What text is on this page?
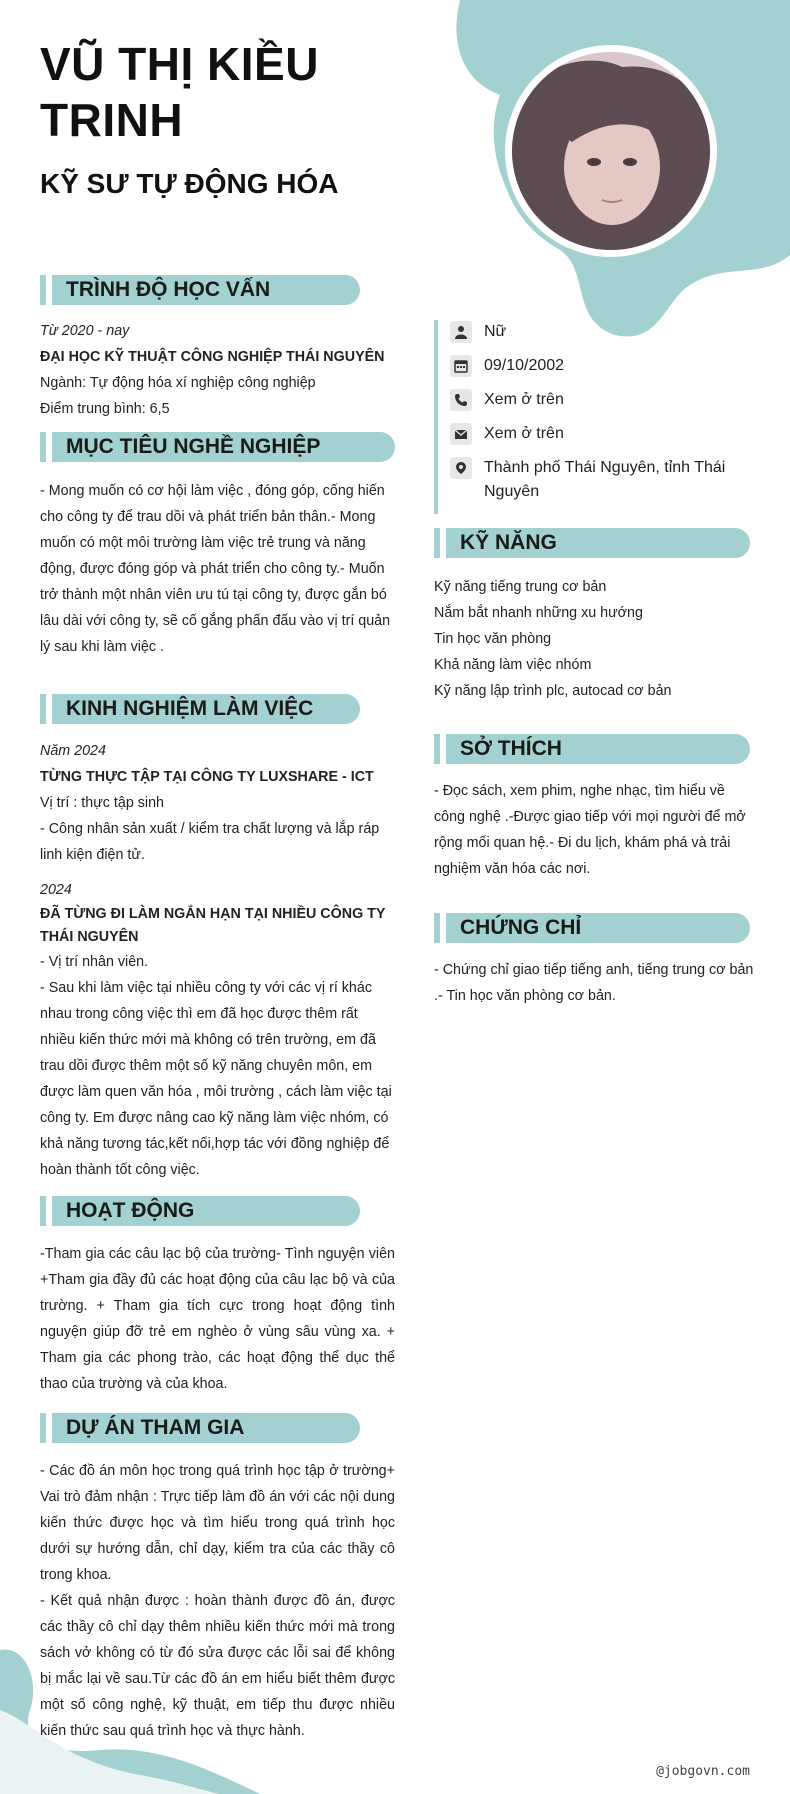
VŨ THỊ KIỀU TRINH
KỸ SƯ TỰ ĐỘNG HÓA
TRÌNH ĐỘ HỌC VẤN
Từ 2020 - nay
ĐẠI HỌC KỸ THUẬT CÔNG NGHIỆP THÁI NGUYÊN
Ngành: Tự động hóa xí nghiệp công nghiệp
Điểm trung bình: 6,5
MỤC TIÊU NGHỀ NGHIỆP
- Mong muốn có cơ hội làm việc , đóng góp, cống hiến cho công ty để trau dồi và phát triển bản thân.- Mong muốn có một môi trường làm việc trẻ trung và năng động, được đóng góp và phát triển cho công ty.- Muốn trở thành một nhân viên ưu tú tại công ty, được gắn bó lâu dài với công ty, sẽ cố gắng phấn đấu vào vị trí quản lý sau khi làm việc .
KINH NGHIỆM LÀM VIỆC
Năm 2024
TỪNG THỰC TẬP TẠI CÔNG TY LUXSHARE - ICT
Vị trí : thực tập sinh
- Công nhân sản xuất / kiểm tra chất lượng và lắp ráp linh kiện điện tử.
2024
ĐÃ TỪNG ĐI LÀM NGẮN HẠN TẠI NHIỀU CÔNG TY THÁI NGUYÊN
- Vị trí nhân viên.
- Sau khi làm việc tại nhiều công ty với các vị rí khác nhau trong công việc thì em đã học được thêm rất nhiều kiến thức mới mà không có trên trường, em đã trau dồi được thêm một số kỹ năng chuyên môn, em được làm quen văn hóa , môi trường , cách làm việc tại công ty. Em được nâng cao kỹ năng làm việc nhóm, có khả năng tương tác,kết nối,hợp tác với đồng nghiệp để hoàn thành tốt công việc.
HOẠT ĐỘNG
-Tham gia các câu lạc bộ của trường- Tình nguyện viên +Tham gia đầy đủ các hoạt động của câu lạc bộ và của trường. + Tham gia tích cực trong hoạt động tình nguyện giúp đỡ trẻ em nghèo ở vùng sâu vùng xa. + Tham gia các phong trào, các hoạt động thể dục thể thao của trường và của khoa.
DỰ ÁN THAM GIA
- Các đồ án môn học trong quá trình học tập ở trường+ Vai trò đảm nhận : Trực tiếp làm đồ án với các nội dung kiến thức được học và tìm hiểu trong quá trình học dưới sự hướng dẫn, chỉ dạy, kiểm tra của các thầy cô trong khoa.
- Kết quả nhận được : hoàn thành được đồ án, được các thầy cô chỉ dạy thêm nhiều kiến thức mới mà trong sách vở không có từ đó sửa được các lỗi sai để không bị mắc lại về sau.Từ các đồ án em hiểu biết thêm được một số công nghệ, kỹ thuật, em tiếp thu được nhiều kiến thức sau quá trình học và thực hành.
Nữ
09/10/2002
Xem ở trên
Xem ở trên
Thành phố Thái Nguyên, tỉnh Thái Nguyên
KỸ NĂNG
Kỹ năng tiếng trung cơ bản
Nắm bắt nhanh những xu hướng
Tin học văn phòng
Khả năng làm việc nhóm
Kỹ năng lập trình plc, autocad cơ bản
SỞ THÍCH
- Đọc sách, xem phim, nghe nhạc, tìm hiểu về công nghệ .-Được giao tiếp với mọi người để mở rộng mối quan hệ.- Đi du lịch, khám phá và trải nghiệm văn hóa các nơi.
CHỨNG CHỈ
- Chứng chỉ giao tiếp tiếng anh, tiếng trung cơ bản .- Tin học văn phòng cơ bản.
@jobgovn.com
